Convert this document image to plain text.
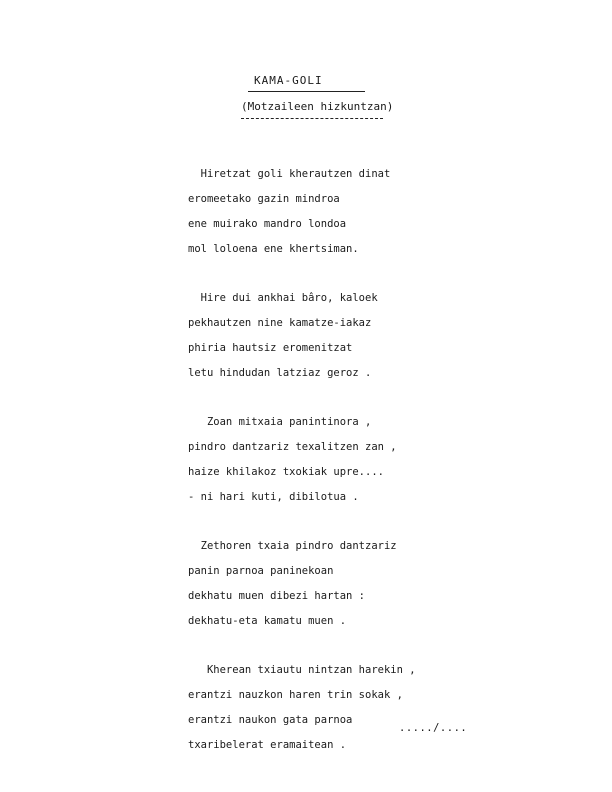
KAMA-GOLI
(Motzaileen hizkuntzan)
Hiretzat goli kherautzen dinat
eromeetako gazin mindroa
ene muirako mandro londoa
mol loloena ene khertsiman.
Hire dui ankhai bâro, kaloek
pekhautzen nine kamatze-iakaz
phiria hautsiz eromenitzat
letu hindudan latziaz geroz .
Zoan mitxaia panintinora ,
pindro dantzariz texalitzen zan ,
haize khilakoz txokiak upre....
- ni hari kuti, dibilotua .
Zethoren txaia pindro dantzariz
panin parnoa paninekoan
dekhatu muen dibezi hartan :
dekhatu-eta kamatu muen .
Kherean txiautu nintzan harekin ,
erantzi nauzkon haren trin sokak ,
erantzi naukon gata parnoa
txaribelerat eramaitean .
...../....
